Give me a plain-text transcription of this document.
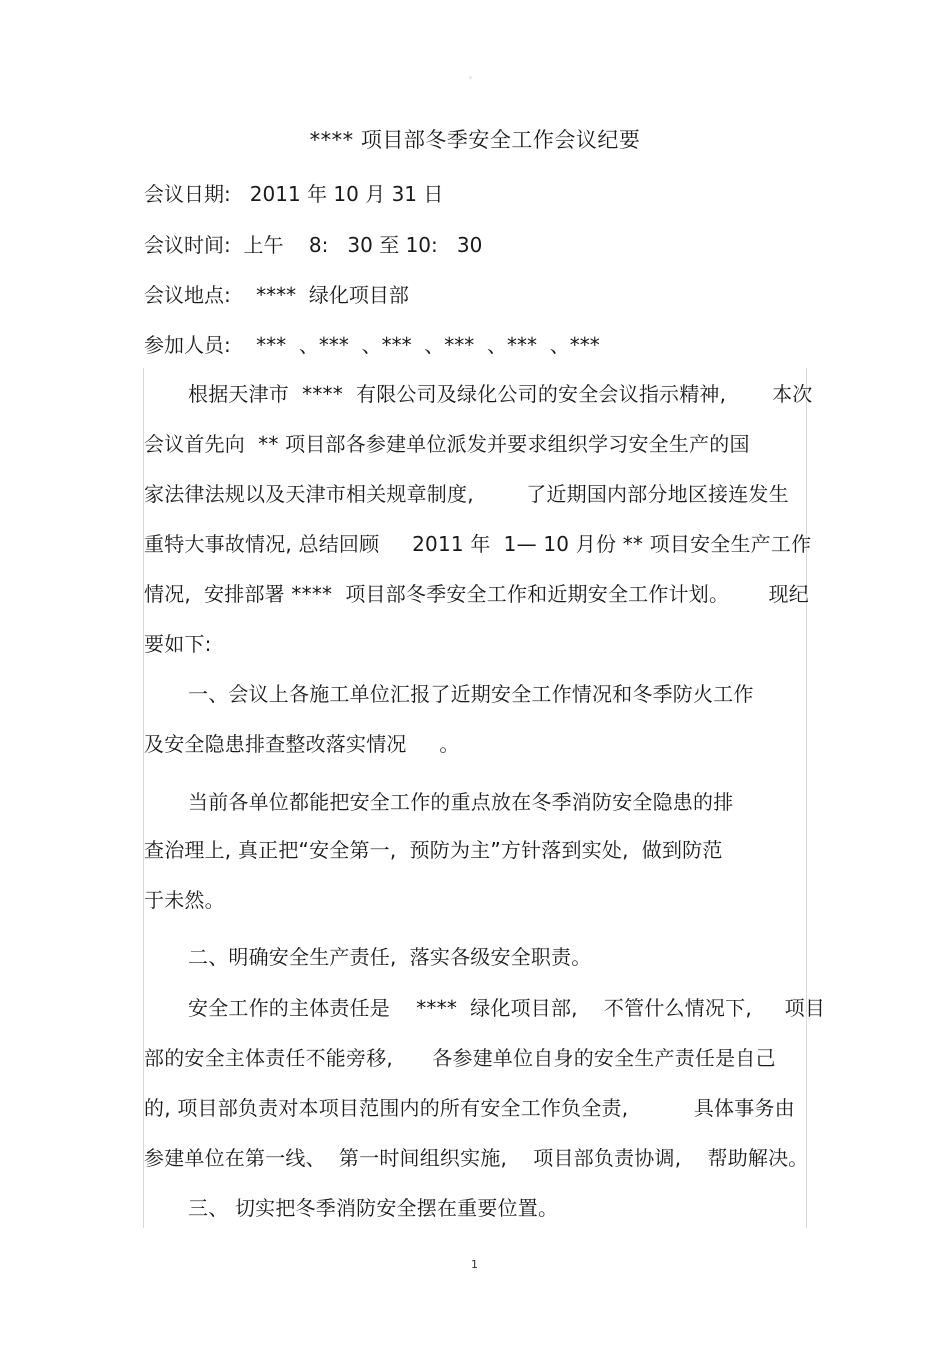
。
**** 项目部冬季安全工作会议纪要
会议日期:   2011 年 10 月 31 日
会议时间:  上午    8:   30 至 10:   30
会议地点:    ****  绿化项目部
参加人员:    ***  、***  、***  、***  、***  、***
根据天津市  ****  有限公司及绿化公司的安全会议指示精神,       本次
会议首先向  ** 项目部各参建单位派发并要求组织学习安全生产的国
家法律法规以及天津市相关规章制度,        了近期国内部分地区接连发生
重特大事故情况, 总结回顾     2011 年  1— 10 月份 ** 项目安全生产工作
情况,  安排部署 ****  项目部冬季安全工作和近期安全工作计划。      现纪
要如下:
一、会议上各施工单位汇报了近期安全工作情况和冬季防火工作
及安全隐患排查整改落实情况     。
当前各单位都能把安全工作的重点放在冬季消防安全隐患的排
查治理上, 真正把“安全第一,  预防为主”方针落到实处,  做到防范
于未然。
二、明确安全生产责任,  落实各级安全职责。
安全工作的主体责任是    ****  绿化项目部,    不管什么情况下,     项目
部的安全主体责任不能旁移,      各参建单位自身的安全生产责任是自己
的, 项目部负责对本项目范围内的所有安全工作负全责,          具体事务由
参建单位在第一线、  第一时间组织实施,    项目部负责协调,    帮助解决。
三、 切实把冬季消防安全摆在重要位置。
1
